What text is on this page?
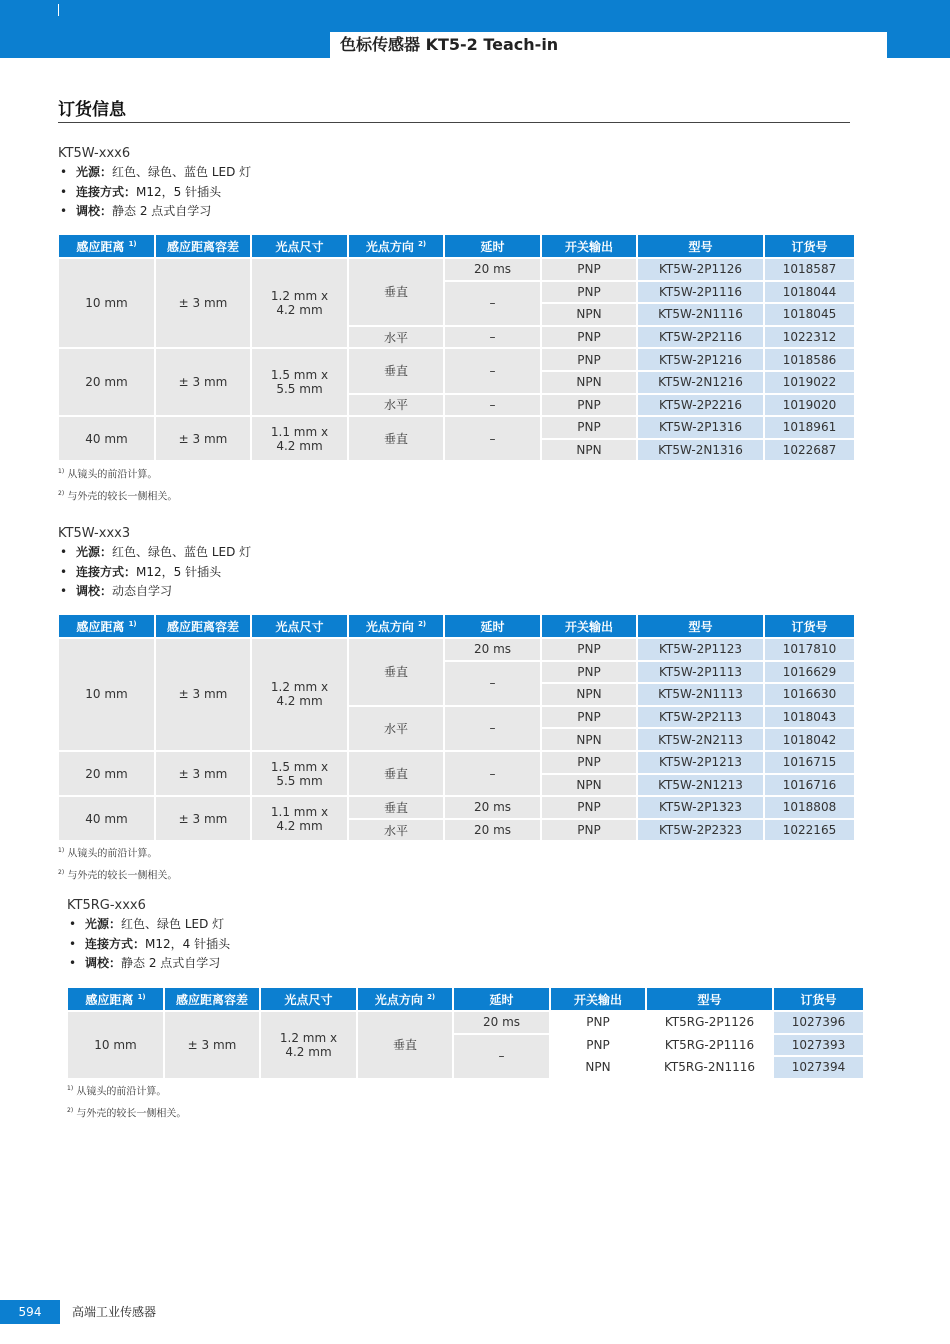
色标传感器 KT5-2 Teach-in
订货信息
KT5W-xxx6
• 光源：红色、绿色、蓝色 LED 灯
• 连接方式：M12，5 针插头
• 调校：静态 2 点式自学习
感应距离 $^{1)}$	感应距离容差	光点尺寸	光点方向 $^{2)}$	延时	开关输出	型号	订货号
10 mm	± 3 mm	1.2 mm x
4.2 mm	垂直	20 ms	PNP	KT5W-2P1126	1018587
				–	PNP	KT5W-2P1116	1018044
					NPN	KT5W-2N1116	1018045
			水平	–	PNP	KT5W-2P2116	1022312
20 mm	± 3 mm	1.5 mm x
5.5 mm	垂直	–	PNP	KT5W-2P1216	1018586
					NPN	KT5W-2N1216	1019022
			水平	–	PNP	KT5W-2P2216	1019020
40 mm	± 3 mm	1.1 mm x
4.2 mm	垂直	–	PNP	KT5W-2P1316	1018961
					NPN	KT5W-2N1316	1022687
$^{1)}$ 从镜头的前沿计算。
$^{2)}$ 与外壳的较长一侧相关。
KT5W-xxx3
• 光源：红色、绿色、蓝色 LED 灯
• 连接方式：M12，5 针插头
• 调校：动态自学习
感应距离 $^{1)}$	感应距离容差	光点尺寸	光点方向 $^{2)}$	延时	开关输出	型号	订货号
10 mm	± 3 mm	1.2 mm x
4.2 mm	垂直	20 ms	PNP	KT5W-2P1123	1017810
				–	PNP	KT5W-2P1113	1016629
					NPN	KT5W-2N1113	1016630
			水平	–	PNP	KT5W-2P2113	1018043
					NPN	KT5W-2N2113	1018042
20 mm	± 3 mm	1.5 mm x
5.5 mm	垂直	–	PNP	KT5W-2P1213	1016715
					NPN	KT5W-2N1213	1016716
40 mm	± 3 mm	1.1 mm x
4.2 mm	垂直	20 ms	PNP	KT5W-2P1323	1018808
			水平	20 ms	PNP	KT5W-2P2323	1022165
$^{1)}$ 从镜头的前沿计算。
$^{2)}$ 与外壳的较长一侧相关。
KT5RG-xxx6
• 光源：红色、绿色 LED 灯
• 连接方式：M12，4 针插头
• 调校：静态 2 点式自学习
感应距离 $^{1)}$	感应距离容差	光点尺寸	光点方向 $^{2)}$	延时	开关输出	型号	订货号
10 mm	± 3 mm	1.2 mm x
4.2 mm	垂直	20 ms	PNP	KT5RG-2P1126	1027396
				–	PNP	KT5RG-2P1116	1027393
					NPN	KT5RG-2N1116	1027394
$^{1)}$ 从镜头的前沿计算。
$^{2)}$ 与外壳的较长一侧相关。
594	高端工业传感器
